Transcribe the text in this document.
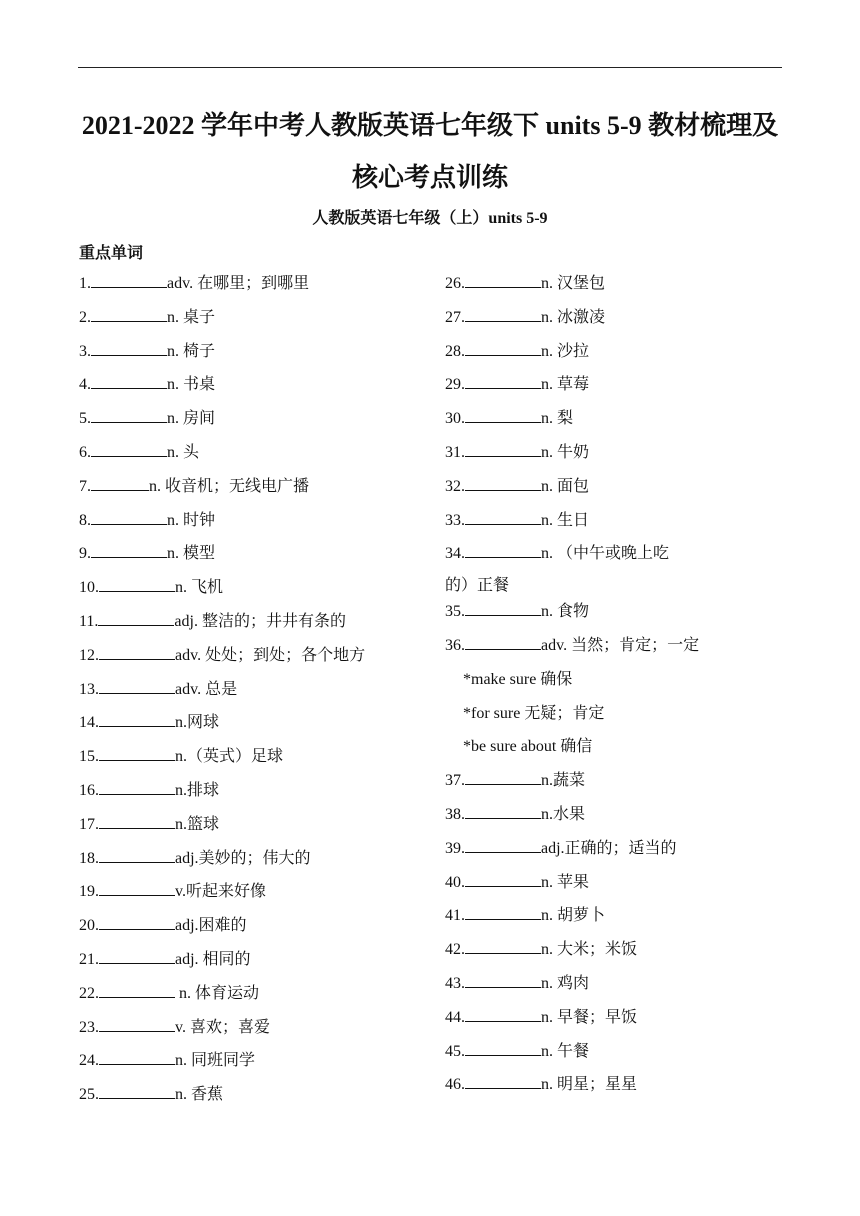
2021-2022 学年中考人教版英语七年级下 units 5-9 教材梳理及
核心考点训练
人教版英语七年级（上）units 5-9
重点单词
1.	adv. 在哪里；到哪里
2.	n. 桌子
3.	n. 椅子
4.	n. 书桌
5.	n. 房间
6.	n. 头
7.	n. 收音机；无线电广播
8.	n. 时钟
9.	n. 模型
10.	n. 飞机
11.	adj. 整洁的；井井有条的
12.	adv. 处处；到处；各个地方
13.	adv. 总是
14.	n.网球
15.	n.（英式）足球
16.	n.排球
17.	n.篮球
18.	adj.美妙的；伟大的
19.	v.听起来好像
20.	adj.困难的
21.	adj. 相同的
22.	n. 体育运动
23.	v. 喜欢；喜爱
24.	n. 同班同学
25.	n. 香蕉
26.	n. 汉堡包
27.	n. 冰激凌
28.	n. 沙拉
29.	n. 草莓
30.	n. 梨
31.	n. 牛奶
32.	n. 面包
33.	n. 生日
34.	n. （中午或晚上吃
的）正餐
35.	n. 食物
36.	adv. 当然；肯定；一定
*make sure 确保
*for sure 无疑；肯定
*be sure about 确信
37.	n.蔬菜
38.	n.水果
39.	adj.正确的；适当的
40.	n. 苹果
41.	n. 胡萝卜
42.	n. 大米；米饭
43.	n. 鸡肉
44.	n. 早餐；早饭
45.	n. 午餐
46.	n. 明星；星星
